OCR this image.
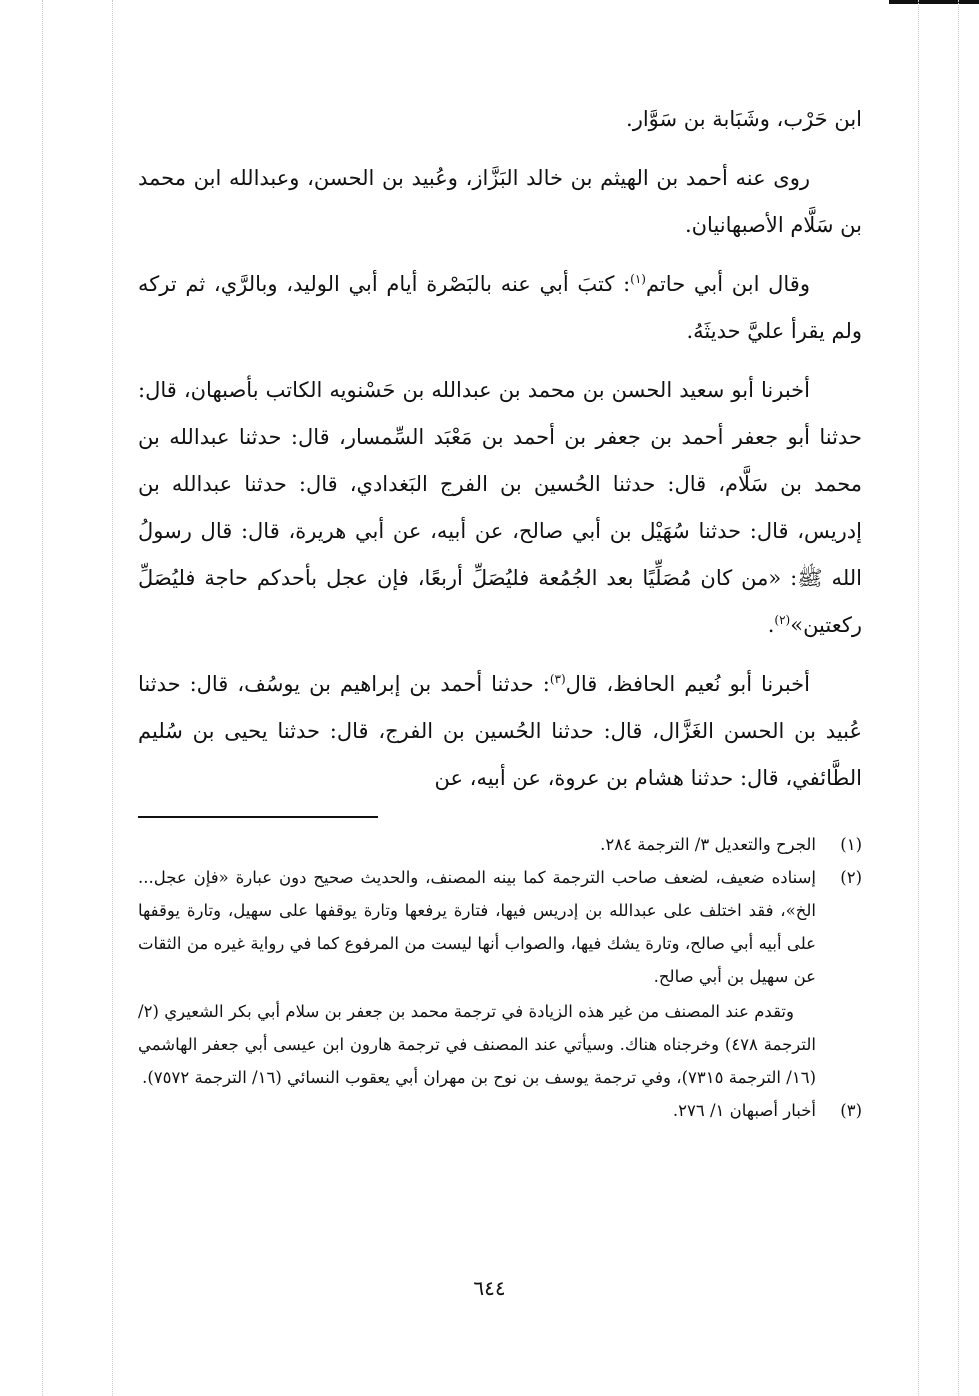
ابن حَرْب، وشَبَابة بن سَوَّار.

روى عنه أحمد بن الهيثم بن خالد البَزَّاز، وعُبيد بن الحسن، وعبدالله ابن محمد بن سَلَّام الأصبهانيان.

وقال ابن أبي حاتم$^{(١)}$: كتبَ أبي عنه بالبَصْرة أيام أبي الوليد، وبالرَّي، ثم تركه ولم يقرأ عليَّ حديثَهُ.

أخبرنا أبو سعيد الحسن بن محمد بن عبدالله بن حَسْنويه الكاتب بأصبهان، قال: حدثنا أبو جعفر أحمد بن جعفر بن أحمد بن مَعْبَد السِّمسار، قال: حدثنا عبدالله بن محمد بن سَلَّام، قال: حدثنا الحُسين بن الفرج البَغدادي، قال: حدثنا عبدالله بن إدريس، قال: حدثنا سُهَيْل بن أبي صالح، عن أبيه، عن أبي هريرة، قال: قال رسولُ الله ﷺ: «من كان مُصَلِّيًا بعد الجُمُعة فليُصَلِّ أربعًا، فإن عجل بأحدكم حاجة فليُصَلِّ ركعتين»$^{(٢)}$.

أخبرنا أبو نُعيم الحافظ، قال$^{(٣)}$: حدثنا أحمد بن إبراهيم بن يوسُف، قال: حدثنا عُبيد بن الحسن الغَزَّال، قال: حدثنا الحُسين بن الفرج، قال: حدثنا يحيى بن سُليم الطَّائفي، قال: حدثنا هشام بن عروة، عن أبيه، عن

(١)

الجرح والتعديل ٣/ الترجمة ٢٨٤.

(٢)

إسناده ضعيف، لضعف صاحب الترجمة كما بينه المصنف، والحديث صحيح دون عبارة «فإن عجل... الخ»، فقد اختلف على عبدالله بن إدريس فيها، فتارة يرفعها وتارة يوقفها على سهيل، وتارة يوقفها على أبيه أبي صالح، وتارة يشك فيها، والصواب أنها ليست من المرفوع كما في رواية غيره من الثقات عن سهيل بن أبي صالح.

وتقدم عند المصنف من غير هذه الزيادة في ترجمة محمد بن جعفر بن سلام أبي بكر الشعيري (٢/ الترجمة ٤٧٨) وخرجناه هناك. وسيأتي عند المصنف في ترجمة هارون ابن عيسى أبي جعفر الهاشمي (١٦/ الترجمة ٧٣١٥)، وفي ترجمة يوسف بن نوح بن مهران أبي يعقوب النسائي (١٦/ الترجمة ٧٥٧٢).

(٣)

أخبار أصبهان ١/ ٢٧٦.

٦٤٤
